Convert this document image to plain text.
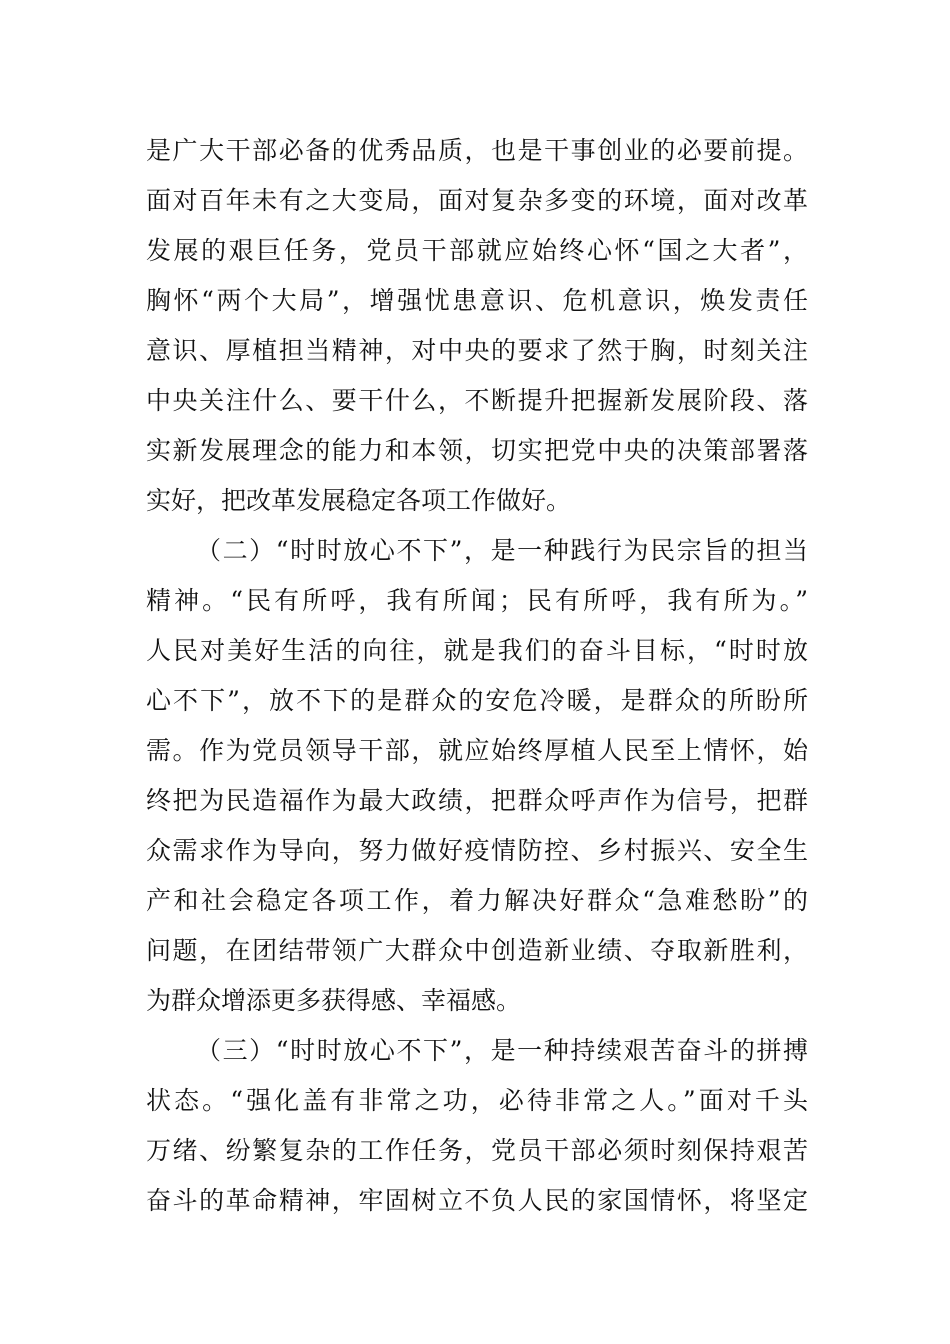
是广大干部必备的优秀品质，也是干事创业的必要前提。
面对百年未有之大变局，面对复杂多变的环境，面对改革
发展的艰巨任务，党员干部就应始终心怀“国之大者”，
胸怀“两个大局”，增强忧患意识、危机意识，焕发责任
意识、厚植担当精神，对中央的要求了然于胸，时刻关注
中央关注什么、要干什么，不断提升把握新发展阶段、落
实新发展理念的能力和本领，切实把党中央的决策部署落
实好，把改革发展稳定各项工作做好。
（二）“时时放心不下”，是一种践行为民宗旨的担当
精神。“民有所呼，我有所闻；民有所呼，我有所为。”
人民对美好生活的向往，就是我们的奋斗目标，“时时放
心不下”，放不下的是群众的安危冷暖，是群众的所盼所
需。作为党员领导干部，就应始终厚植人民至上情怀，始
终把为民造福作为最大政绩，把群众呼声作为信号，把群
众需求作为导向，努力做好疫情防控、乡村振兴、安全生
产和社会稳定各项工作，着力解决好群众“急难愁盼”的
问题，在团结带领广大群众中创造新业绩、夺取新胜利，
为群众增添更多获得感、幸福感。
（三）“时时放心不下”，是一种持续艰苦奋斗的拼搏
状态。“强化盖有非常之功，必待非常之人。”面对千头
万绪、纷繁复杂的工作任务，党员干部必须时刻保持艰苦
奋斗的革命精神，牢固树立不负人民的家国情怀，将坚定
